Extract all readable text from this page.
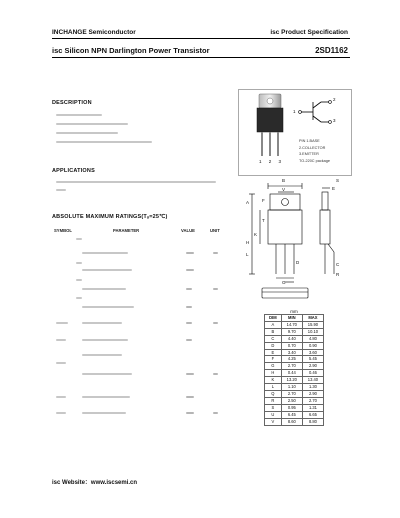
INCHANGE Semiconductor	isc Product Specification
isc Silicon NPN Darlington Power Transistor	2SD1162
DESCRIPTION
APPLICATIONS
ABSOLUTE MAXIMUM RATINGS(Tₐ=25℃)
SYMBOL	PARAMETER	VALUE	UNIT
2
1
3
1 2 3
PIN 1.BASE
2.COLLECTOR
3.EMITTER
TO-220C package
B
V
A	F
T
E
S
K
H
L
D
G
C
R
mm
DIM	MIN	MAX
A	14.70	15.90
B	9.70	10.10
C	4.40	4.80
D	0.70	0.90
E	3.40	3.60
F	4.25	5.45
G	2.70	2.90
H	0.44	0.46
K	13.20	13.40
L	1.10	1.30
Q	2.70	2.90
R	2.50	2.70
S	0.95	1.31
U	6.45	6.65
V	8.60	8.80
isc Website：www.iscsemi.cn
